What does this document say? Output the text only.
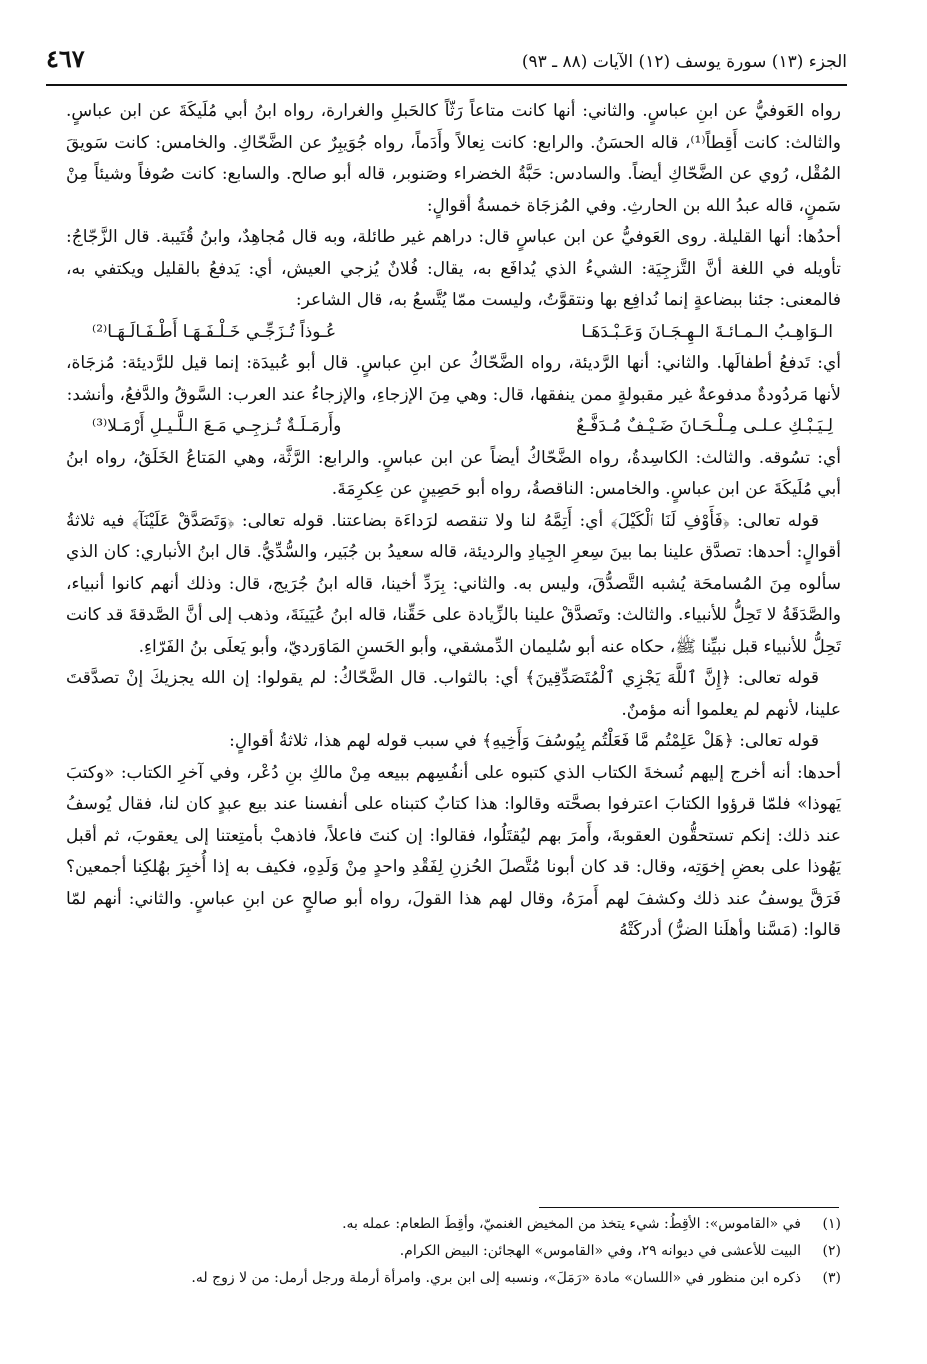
٤٦٧	الجزء (١٣) سورة يوسف (١٢) الآيات (٨٨ ـ ٩٣)

رواه العَوفيُّ عن ابنِ عباسٍ. والثاني: أنها كانت متاعاً رَثّاً كالحَبلِ والغرارة، رواه ابنُ أبي مُلَيكَةَ عن ابن عباسٍ. والثالث: كانت أَقِطاً⁽¹⁾، قاله الحسَنُ. والرابع: كانت نِعالاً وأَدَماً، رواه جُوَيبِرٌ عن الضَّحّاكِ. والخامس: كانت سَويقَ المُقْل، رُوي عن الضَّحّاكِ أيضاً. والسادس: حَبَّةُ الخضراء وصَنوبر، قاله أبو صالح. والسابع: كانت صُوفاً وشيئاً مِنْ سَمنٍ، قاله عبدُ الله بن الحارثِ. وفي المُزجَاة خمسةُ أقوالٍ:

أحدُها: أنها القليلة. روى العَوفيُّ عن ابن عباسٍ قال: دراهم غير طائلة، وبه قال مُجاهِدٌ، وابنُ قُتَيبة. قال الزَّجّاجُ: تأويله في اللغة أنَّ التَّزجِيَة: الشيءُ الذي يُدافَع به، يقال: فُلانٌ يُزجي العيش، أي: يَدفعُ بالقليل ويكتفي به، فالمعنى: جئنا ببضاعةٍ إنما نُدافِع بها ونتقوَّتُ، وليست ممّا يُتَّسعُ به، قال الشاعر:

الـوَاهِـبُ الـمـائـةَ الـهِـجَـانَ وَعَـبْـدَهَـا
عُـوذاً تُـزَجِّـي خَـلْـفَـهَـا أَطْـفَـالَـهَـا⁽²⁾

أي: تَدفعُ أطفالَها. والثاني: أنها الرَّديئة، رواه الضَّحّاكُ عن ابنِ عباسٍ. قال أبو عُبيدَة: إنما قيل للرَّديئة: مُزجَاة، لأنها مَردُودةٌ مدفوعةٌ غير مقبولةٍ ممن ينفقها، قال: وهي مِنَ الإزجاءِ، والإزجاءُ عند العرب: السَّوقُ والدَّفعُ، وأنشد:

لِـيَـبْـكِ عـلـى مِـلْـحَـانَ ضَـيْـفٌ مُـدَفَّـعٌ
وأَرمَـلَـةٌ تُـزجِـي مَـعَ الـلَّـيـلِ أَرْمَـلا⁽³⁾

أي: تسُوقه. والثالث: الكاسِدةُ، رواه الضَّحّاكُ أيضاً عن ابن عباسٍ. والرابع: الرَّثَّة، وهي المَتاعُ الخَلَقُ، رواه ابنُ أبي مُلَيكَةَ عن ابن عباسٍ. والخامس: الناقصةُ، رواه أبو حَصِينٍ عن عِكرِمَةَ.

قوله تعالى: ﴿فَأَوْفِ لَنَا ٱلْكَيْلَ﴾ أي: أَتِمَّهُ لنا ولا تنقصه لرَداءَة بضاعتنا. قوله تعالى: ﴿وَتَصَدَّقْ عَلَيْنَآ﴾ فيه ثلاثةُ أقوالٍ: أحدها: تصدَّق علينا بما بينَ سِعرِ الجِيادِ والرديئة، قاله سعيدُ بن جُبَير، والسُّدِّيُّ. قال ابنُ الأنباري: كان الذي سألوه مِنَ المُسامحَة يُشبه التَّصدُّقَ، وليس به. والثاني: بِرَدِّ أخينا، قاله ابنُ جُرَيج، قال: وذلك أنهم كانوا أنبياء، والصَّدَقَةُ لا تَحِلُّ للأنبياء. والثالث: وتَصدَّقْ علينا بالزِّيادة على حَقِّنا، قاله ابنُ عُيَينَةَ، وذهب إلى أنَّ الصَّدقةَ قد كانت تَحِلُّ للأنبياء قبل نبيِّنا ﷺ، حكاه عنه أبو سُليمان الدِّمشقي، وأبو الحَسنِ المَاوَرديّ، وأبو يَعلَى بنُ الفَرّاءِ.

قوله تعالى: ﴿إِنَّ ٱللَّهَ يَجْزِي ٱلْمُتَصَدِّقِينَ﴾ أي: بالثواب. قال الضَّحّاكُ: لم يقولوا: إن الله يجزيكَ إنْ تصدَّقتَ علينا، لأنهم لم يعلموا أنه مؤمنٌ.

قوله تعالى: ﴿هَلْ عَلِمْتُم مَّا فَعَلْتُم بِيُوسُفَ وَأَخِيهِ﴾ في سبب قوله لهم هذا، ثلاثةُ أقوالٍ:

أحدها: أنه أخرج إليهم نُسخةَ الكتاب الذي كتبوه على أنفُسِهم ببيعه مِنْ مالكِ بنِ دُعْر، وفي آخرِ الكتاب: «وكتبَ يَهوذا» فلمّا قرؤوا الكتابَ اعترفوا بصحَّته وقالوا: هذا كتابٌ كتبناه على أنفسنا عند بيع عبدٍ كان لنا، فقال يُوسفُ عند ذلك: إنكم تستحقُّون العقوبةَ، وأَمرَ بهم ليُقتَلُوا، فقالوا: إن كنتَ فاعلاً، فاذهبْ بأمتِعتنا إلى يعقوبَ، ثم أقبل يَهُوذا على بعضِ إخوَتِه، وقال: قد كان أبونا مُتَّصلَ الحُزنِ لِفَقْدِ واحدٍ مِنْ وَلَدِهِ، فكيف به إذا أُخبِرَ بهُلكِنا أجمعين؟ فَرَقَّ يوسفُ عند ذلك وكشفَ لهم أَمرَهُ، وقال لهم هذا القولَ، رواه أبو صالحٍ عن ابنِ عباسٍ. والثاني: أنهم لمّا قالوا: (مَسَّنا وأهلَنا الضرُّ) أدركَتْهُ

(١)
في «القاموس»: الأقِطُ: شيء يتخذ من المخيض الغنميّ، وأقِطَ الطعام: عمله به.
(٢)
البيت للأعشى في ديوانه ٢٩، وفي «القاموس» الهجائن: البيض الكرام.
(٣)
ذكره ابن منظور في «اللسان» مادة «رَمَلَ»، ونسبه إلى ابن بري. وامرأة أرملة ورجل أرمل: من لا زوج له.
